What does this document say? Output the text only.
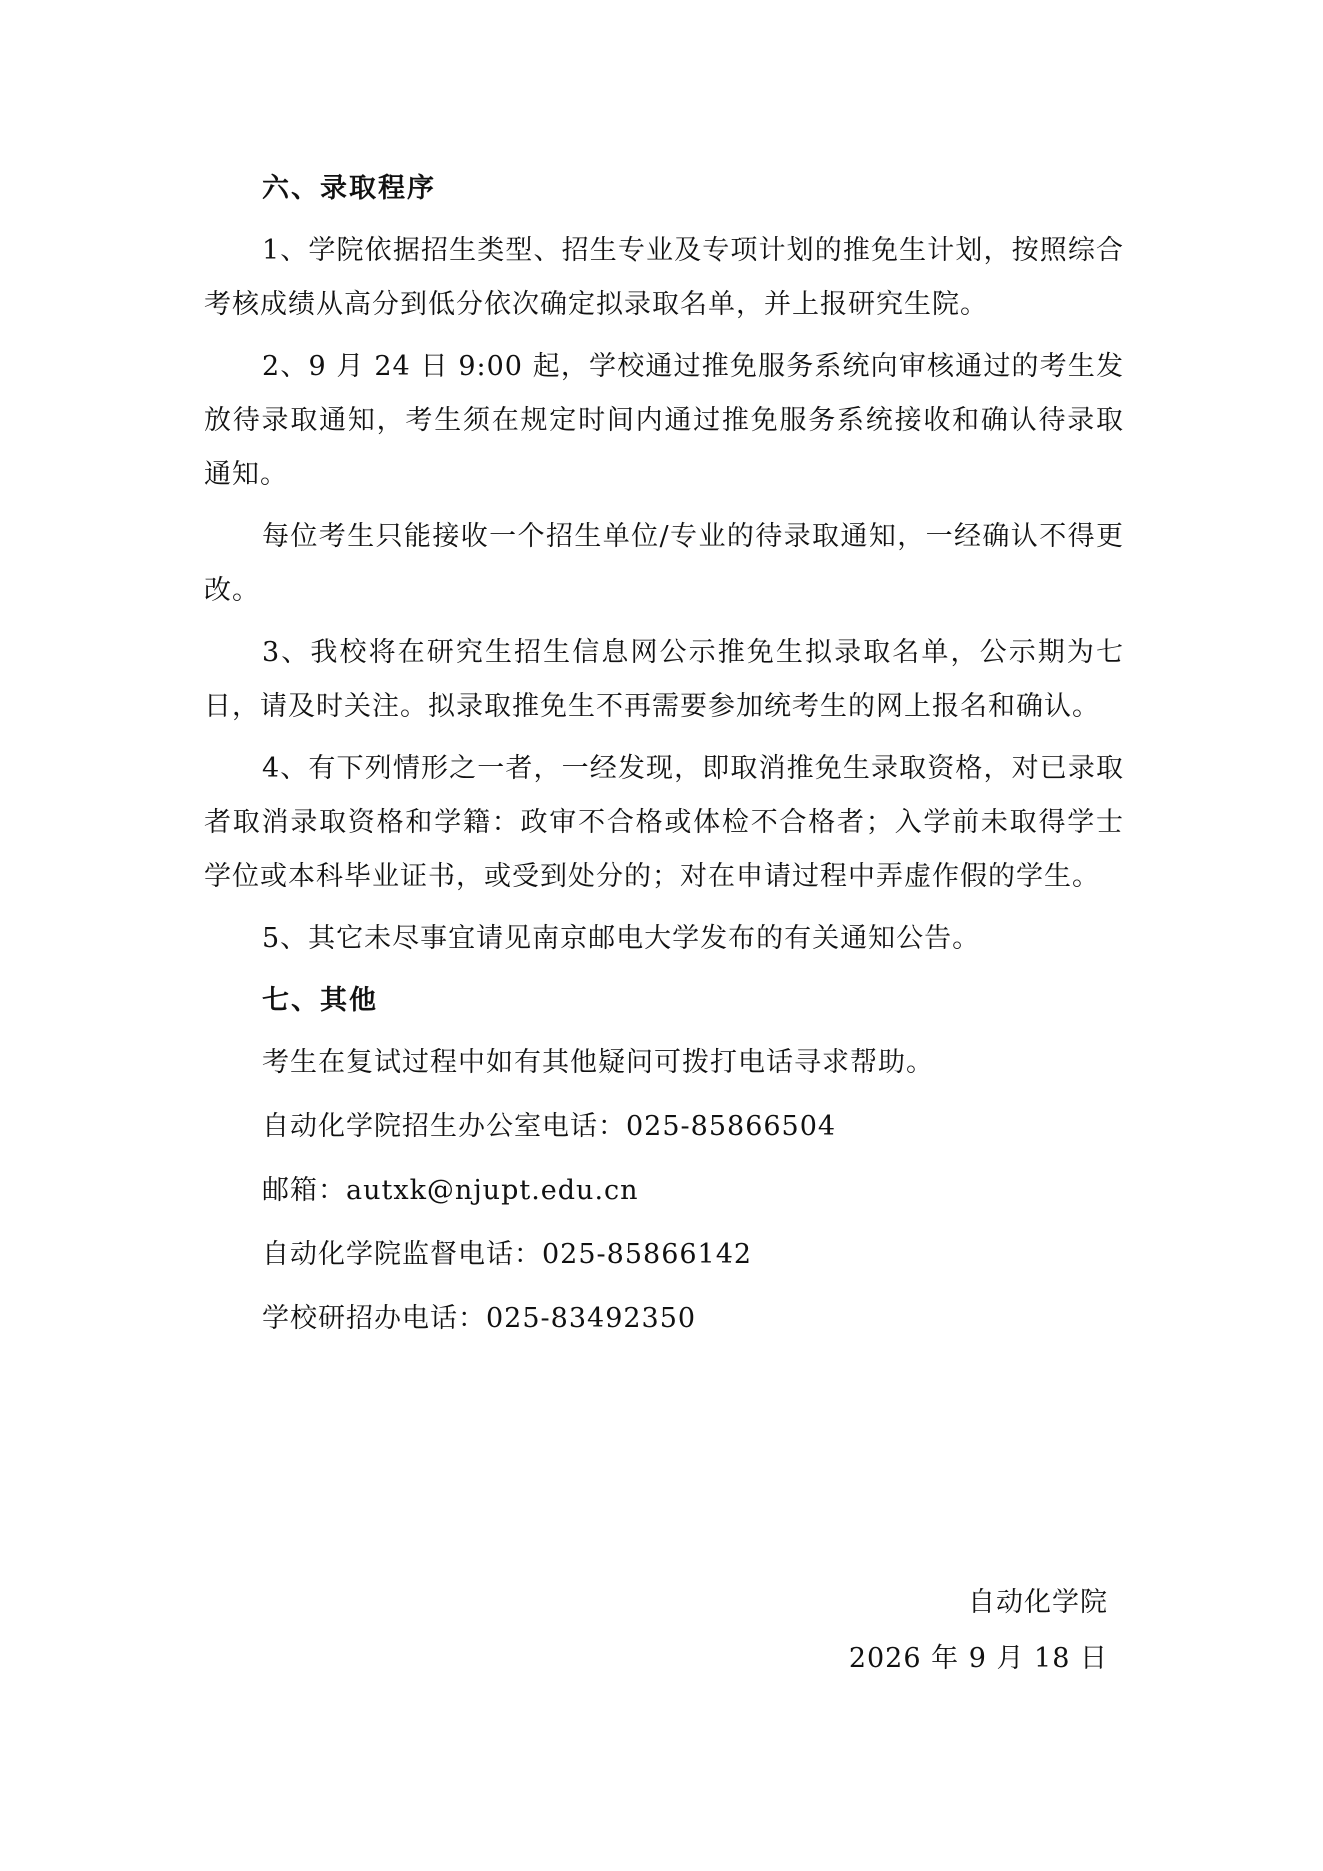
六、录取程序

1、学院依据招生类型、招生专业及专项计划的推免生计划，按照综合考核成绩从高分到低分依次确定拟录取名单，并上报研究生院。

2、9 月 24 日 9:00 起，学校通过推免服务系统向审核通过的考生发放待录取通知，考生须在规定时间内通过推免服务系统接收和确认待录取通知。

每位考生只能接收一个招生单位/专业的待录取通知，一经确认不得更改。

3、我校将在研究生招生信息网公示推免生拟录取名单，公示期为七日，请及时关注。拟录取推免生不再需要参加统考生的网上报名和确认。

4、有下列情形之一者，一经发现，即取消推免生录取资格，对已录取者取消录取资格和学籍：政审不合格或体检不合格者；入学前未取得学士学位或本科毕业证书，或受到处分的；对在申请过程中弄虚作假的学生。

5、其它未尽事宜请见南京邮电大学发布的有关通知公告。

七、其他

考生在复试过程中如有其他疑问可拨打电话寻求帮助。

自动化学院招生办公室电话：025-85866504

邮箱：autxk@njupt.edu.cn

自动化学院监督电话：025-85866142

学校研招办电话：025-83492350

自动化学院
2026 年 9 月 18 日
